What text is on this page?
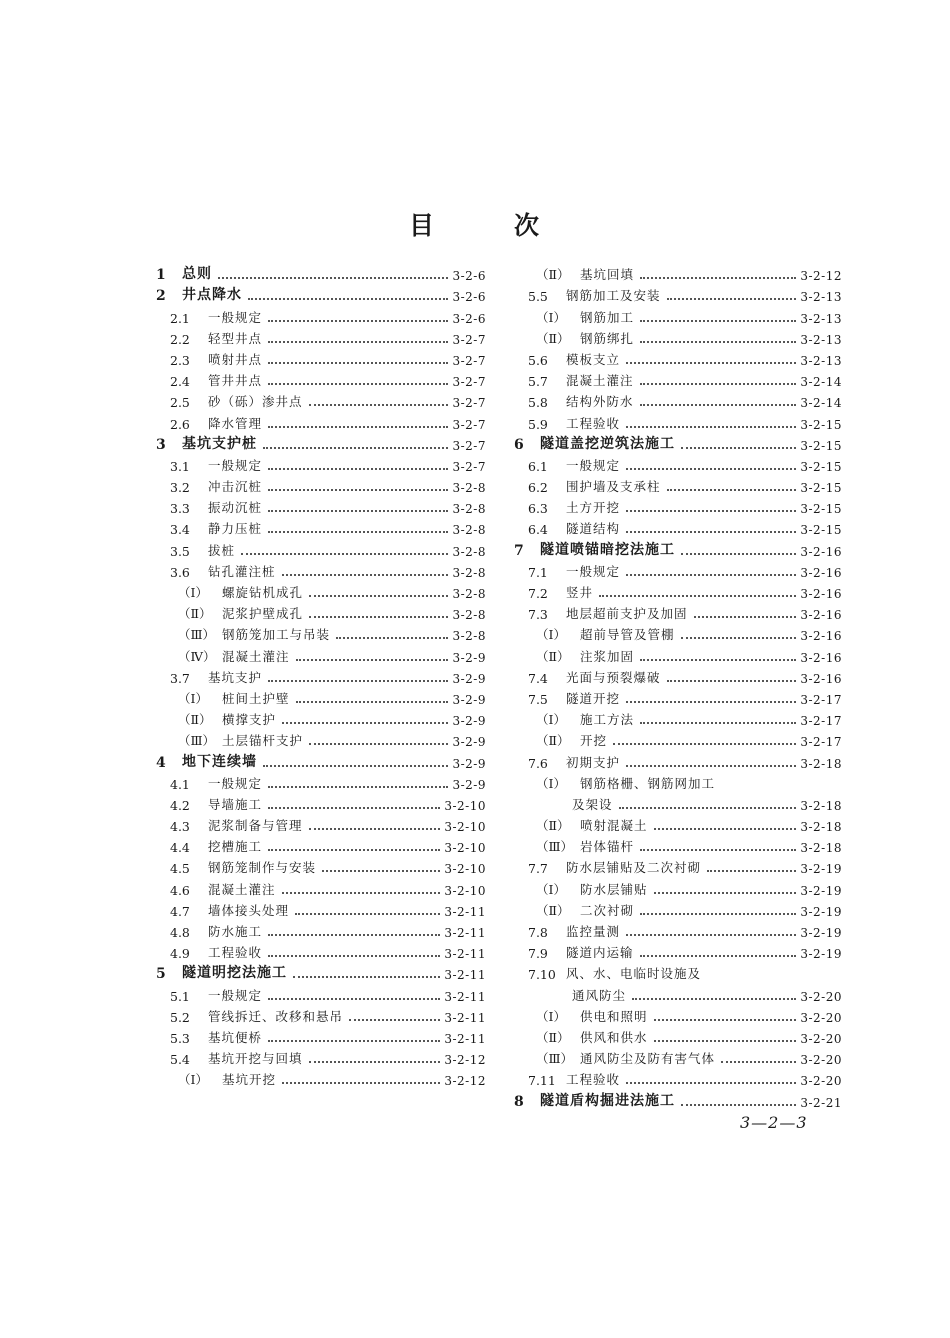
目	次
1	总则	3-2-6
2	井点降水	3-2-6
2.1	一般规定	3-2-6
2.2	轻型井点	3-2-7
2.3	喷射井点	3-2-7
2.4	管井井点	3-2-7
2.5	砂（砾）渗井点	3-2-7
2.6	降水管理	3-2-7
3	基坑支护桩	3-2-7
3.1	一般规定	3-2-7
3.2	冲击沉桩	3-2-8
3.3	振动沉桩	3-2-8
3.4	静力压桩	3-2-8
3.5	拔桩	3-2-8
3.6	钻孔灌注桩	3-2-8
（Ⅰ）	螺旋钻机成孔	3-2-8
（Ⅱ） 泥浆护壁成孔	3-2-8
（Ⅲ） 钢筋笼加工与吊装	3-2-8
（Ⅳ） 混凝土灌注	3-2-9
3.7	基坑支护	3-2-9
（Ⅰ）	桩间土护壁	3-2-9
（Ⅱ） 横撑支护	3-2-9
（Ⅲ） 土层锚杆支护	3-2-9
4	地下连续墙	3-2-9
4.1	一般规定	3-2-9
4.2	导墙施工	3-2-10
4.3	泥浆制备与管理	3-2-10
4.4	挖槽施工	3-2-10
4.5	钢筋笼制作与安装	3-2-10
4.6	混凝土灌注	3-2-10
4.7	墙体接头处理	3-2-11
4.8	防水施工	3-2-11
4.9	工程验收	3-2-11
5	隧道明挖法施工	3-2-11
5.1	一般规定	3-2-11
5.2	管线拆迁、改移和悬吊	3-2-11
5.3	基坑便桥	3-2-11
5.4	基坑开挖与回填	3-2-12
（Ⅰ）	基坑开挖	3-2-12
（Ⅱ） 基坑回填	3-2-12
5.5	钢筋加工及安装	3-2-13
（Ⅰ）	钢筋加工	3-2-13
（Ⅱ） 钢筋绑扎	3-2-13
5.6	模板支立	3-2-13
5.7	混凝土灌注	3-2-14
5.8	结构外防水	3-2-14
5.9	工程验收	3-2-15
6	隧道盖挖逆筑法施工	3-2-15
6.1	一般规定	3-2-15
6.2	围护墙及支承柱	3-2-15
6.3	土方开挖	3-2-15
6.4	隧道结构	3-2-15
7	隧道喷锚暗挖法施工	3-2-16
7.1	一般规定	3-2-16
7.2	竖井	3-2-16
7.3	地层超前支护及加固	3-2-16
（Ⅰ）	超前导管及管棚	3-2-16
（Ⅱ） 注浆加固	3-2-16
7.4	光面与预裂爆破	3-2-16
7.5	隧道开挖	3-2-17
（Ⅰ）	施工方法	3-2-17
（Ⅱ） 开挖	3-2-17
7.6	初期支护	3-2-18
（Ⅰ）	钢筋格栅、钢筋网加工
及架设	3-2-18
（Ⅱ） 喷射混凝土	3-2-18
（Ⅲ） 岩体锚杆	3-2-18
7.7	防水层铺贴及二次衬砌	3-2-19
（Ⅰ）	防水层铺贴	3-2-19
（Ⅱ） 二次衬砌	3-2-19
7.8	监控量测	3-2-19
7.9	隧道内运输	3-2-19
7.10 风、水、电临时设施及
通风防尘	3-2-20
（Ⅰ）	供电和照明	3-2-20
（Ⅱ） 供风和供水	3-2-20
（Ⅲ） 通风防尘及防有害气体	3-2-20
7.11 工程验收	3-2-20
8	隧道盾构掘进法施工	3-2-21
3—2—3
